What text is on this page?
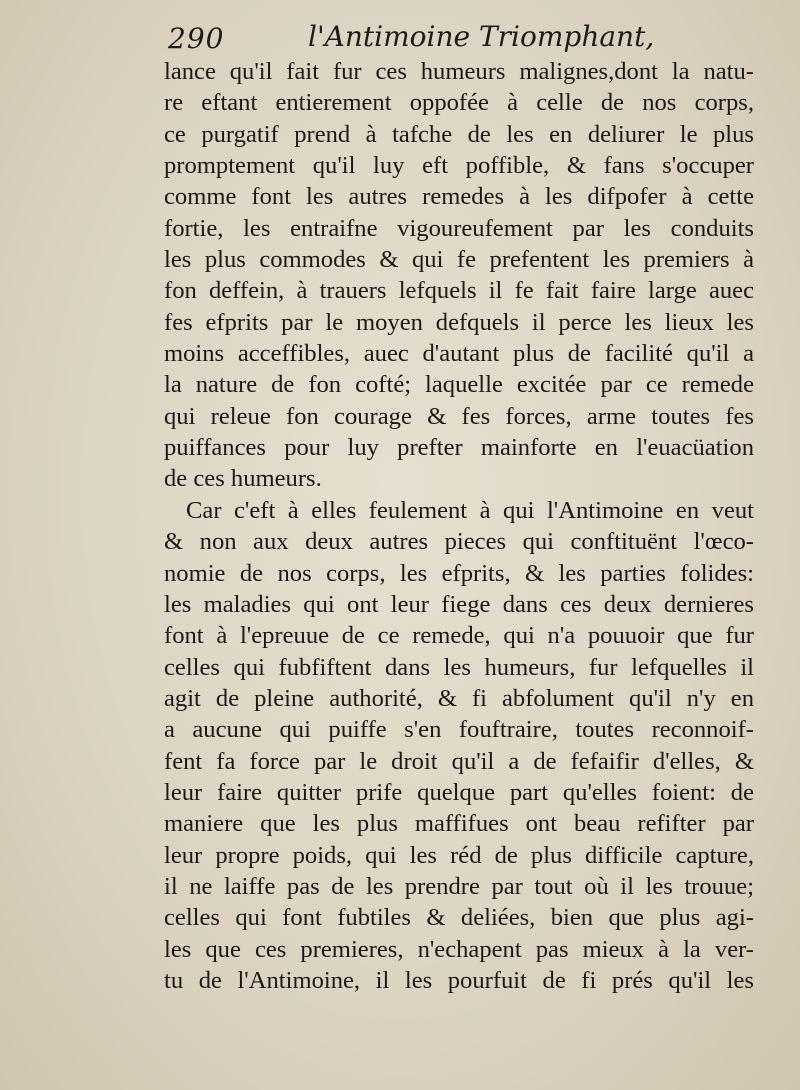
290	l'Antimoine Triomphant,
lance qu'il fait fur ces humeurs malignes,dont la natu-
re eftant entierement oppofée à celle de nos corps,
ce purgatif prend à tafche de les en deliurer le plus
promptement qu'il luy eft poffible, & fans s'occuper
comme font les autres remedes à les difpofer à cette
fortie, les entraifne vigoureufement par les conduits
les plus commodes & qui fe prefentent les premiers à
fon deffein, à trauers lefquels il fe fait faire large auec
fes efprits par le moyen defquels il perce les lieux les
moins acceffibles, auec d'autant plus de facilité qu'il a
la nature de fon cofté; laquelle excitée par ce remede
qui releue fon courage & fes forces, arme toutes fes
puiffances pour luy prefter mainforte en l'euacüation
de ces humeurs.
Car c'eft à elles feulement à qui l'Antimoine en veut
& non aux deux autres pieces qui conftituënt l'œco-
nomie de nos corps, les efprits, & les parties folides:
les maladies qui ont leur fiege dans ces deux dernieres
font à l'epreuue de ce remede, qui n'a pouuoir que fur
celles qui fubfiftent dans les humeurs, fur lefquelles il
agit de pleine authorité, & fi abfolument qu'il n'y en
a aucune qui puiffe s'en fouftraire, toutes reconnoif-
fent fa force par le droit qu'il a de fefaifir d'elles, &
leur faire quitter prife quelque part qu'elles foient: de
maniere que les plus maffifues ont beau refifter par
leur propre poids, qui les réd de plus difficile capture,
il ne laiffe pas de les prendre par tout où il les trouue;
celles qui font fubtiles & deliées, bien que plus agi-
les que ces premieres, n'echapent pas mieux à la ver-
tu de l'Antimoine, il les pourfuit de fi prés qu'il les
